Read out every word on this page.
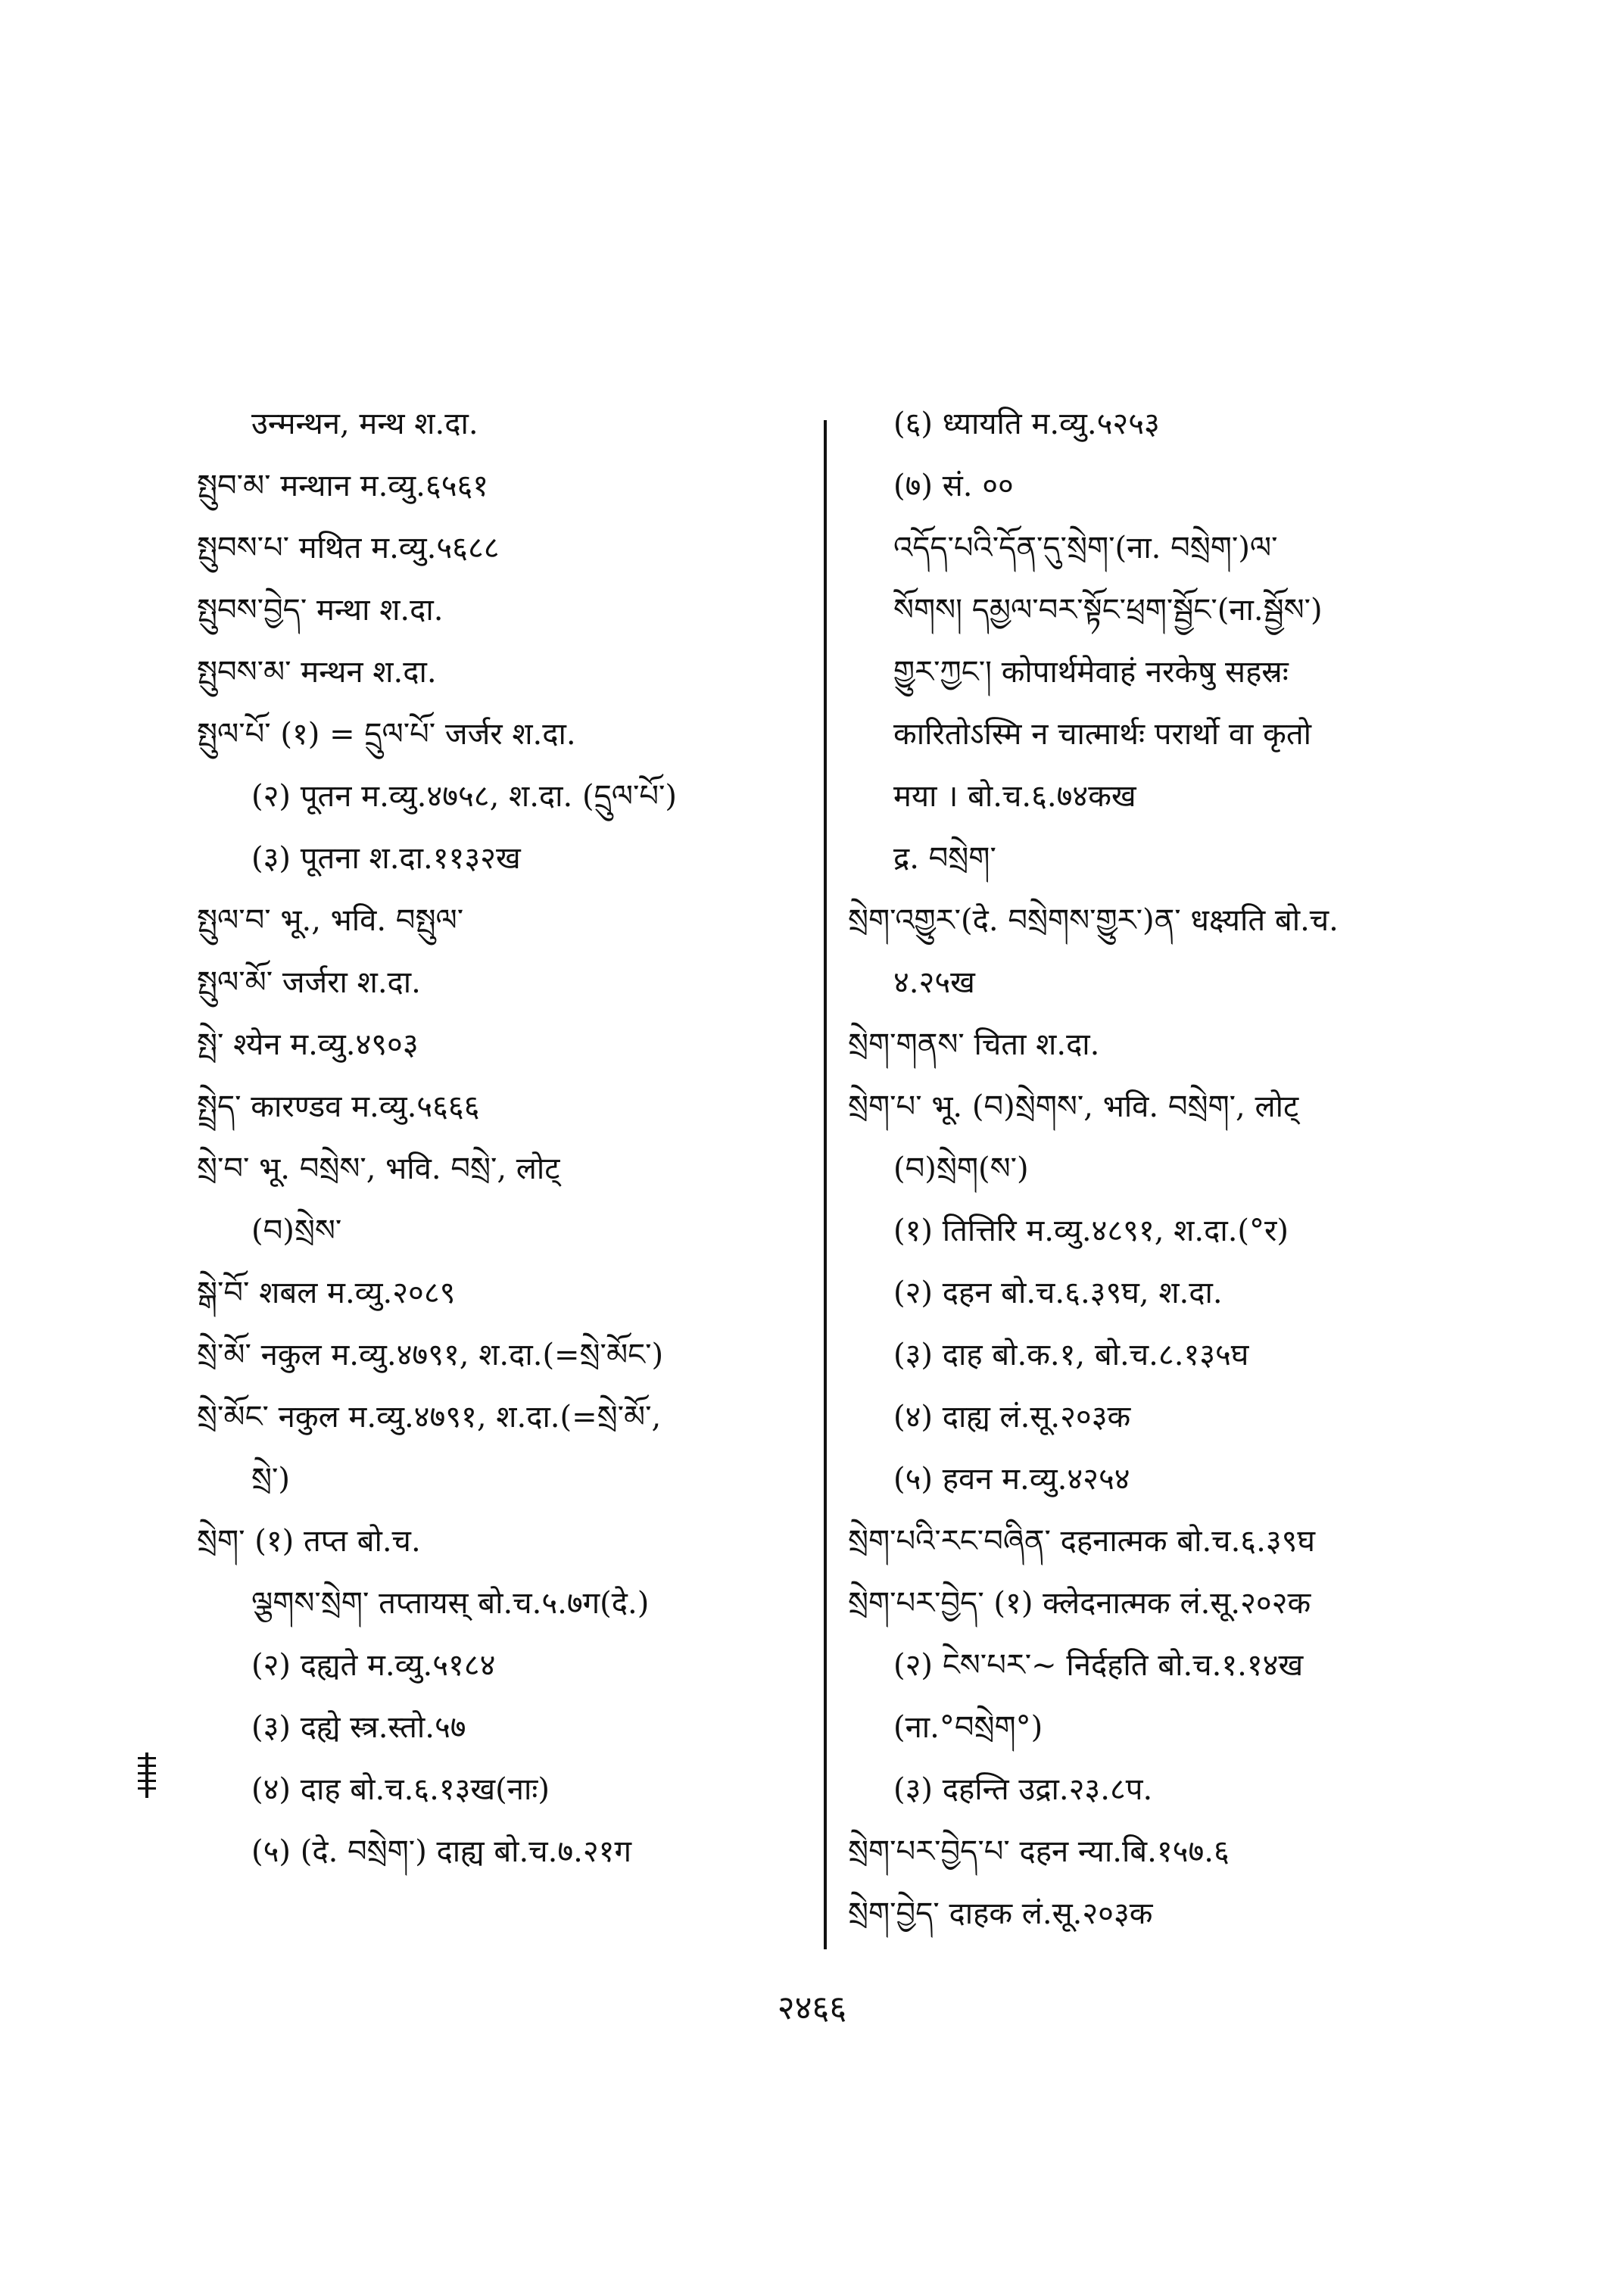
उन्मन्थन, मन्थ श.दा.
སྤུབ་མ་ मन्थान म.व्यु.६५६१
སྤུབས་པ་ मथित म.व्यु.५६८८
སྤུབས་བྱེད་ मन्था श.दा.
སྤུབས་མ་ मन्थन श.दा.
སྤུལ་པོ་ (१) = དྲུལ་པོ་ जर्जर श.दा.
(२) पूतन म.व्यु.४७५८, श.दा. (དྲུལ་པོ་)
(३) पूतना श.दा.११३२ख
སྤུལ་བ་ भू., भवि. བསྤུལ་
སྤུལ་མོ་ जर्जरा श.दा.
སྤེ་ श्येन म.व्यु.४९०३
སྤྲེད་ कारण्डव म.व्यु.५६६६
སྲེ་བ་ भू. བསྲེས་, भवि. བསྲེ་, लोट्
(བ)སྲེས་
སྒེ་བོ་ शबल म.व्यु.२०८९
སྲེ་མོ་ नकुल म.व्यु.४७९१, श.दा.(=སྲེ་མོང་)
སྲེ་མོང་ नकुल म.व्यु.४७९१, श.दा.(=སྲེ་མོ་,
སྲེ་)
སྲེག་ (१) तप्त बो.च.
ལྕགས་སྲེག་ तप्तायस् बो.च.५.७ग(दे.)
(२) दह्यते म.व्यु.५१८४
(३) दह्ये स्त्र.स्तो.५७
(४) दाह बो.च.६.१३ख(नाः)
(५) (दे. བསྲེག་) दाह्य बो.च.७.२१ग
(६) ध्यायति म.व्यु.५२५३
(७) सं. ००
འདོད་པའི་དོན་དུ་སྲེག་(ना. བསྲེག་)ལ་
སོགས། དམྱལ་བར་སྟོང་ཕྲག་སྦྱོང་(ना.སྦྱོས་)
གྱུར་ཀྱང་། कोपार्थमेवाहं नरकेषु सहस्रः
कारितोऽस्मि न चात्मार्थः परार्थो वा कृतो
मया । बो.च.६.७४कख
द्र. བསྲེག་
སྲེག་འགྱུར་(दे. བསྲེགས་གྱུར་)ན་ धक्ष्यति बो.च.
४.२५ख
སྲེག་གནས་ चिता श.दा.
སྲེག་པ་ भू. (བ)སྲེགས་, भवि. བསྲེག་, लोट्
(བ)སྲེག(ས་)
(१) तित्तिरि म.व्यु.४८९१, श.दा.(°र)
(२) दहन बो.च.६.३९घ, श.दा.
(३) दाह बो.क.१, बो.च.८.१३५घ
(४) दाह्य लं.सू.२०३क
(५) हवन म.व्यु.४२५४
སྲེག་པའི་རང་བཞིན་ दहनात्मक बो.च.६.३९घ
སྲེག་པར་བྱེད་ (१) क्लेदनात्मक लं.सू.२०२क
(२) ངེས་པར་~ निर्दहति बो.च.१.१४ख
(ना.°བསྲེག°)
(३) दहन्ति उद्रा.२३.८प.
སྲེག་པར་བྱེད་པ་ दहन न्या.बि.१५७.६
སྲེག་བྱེད་ दाहक लं.सू.२०३क
२४६६
